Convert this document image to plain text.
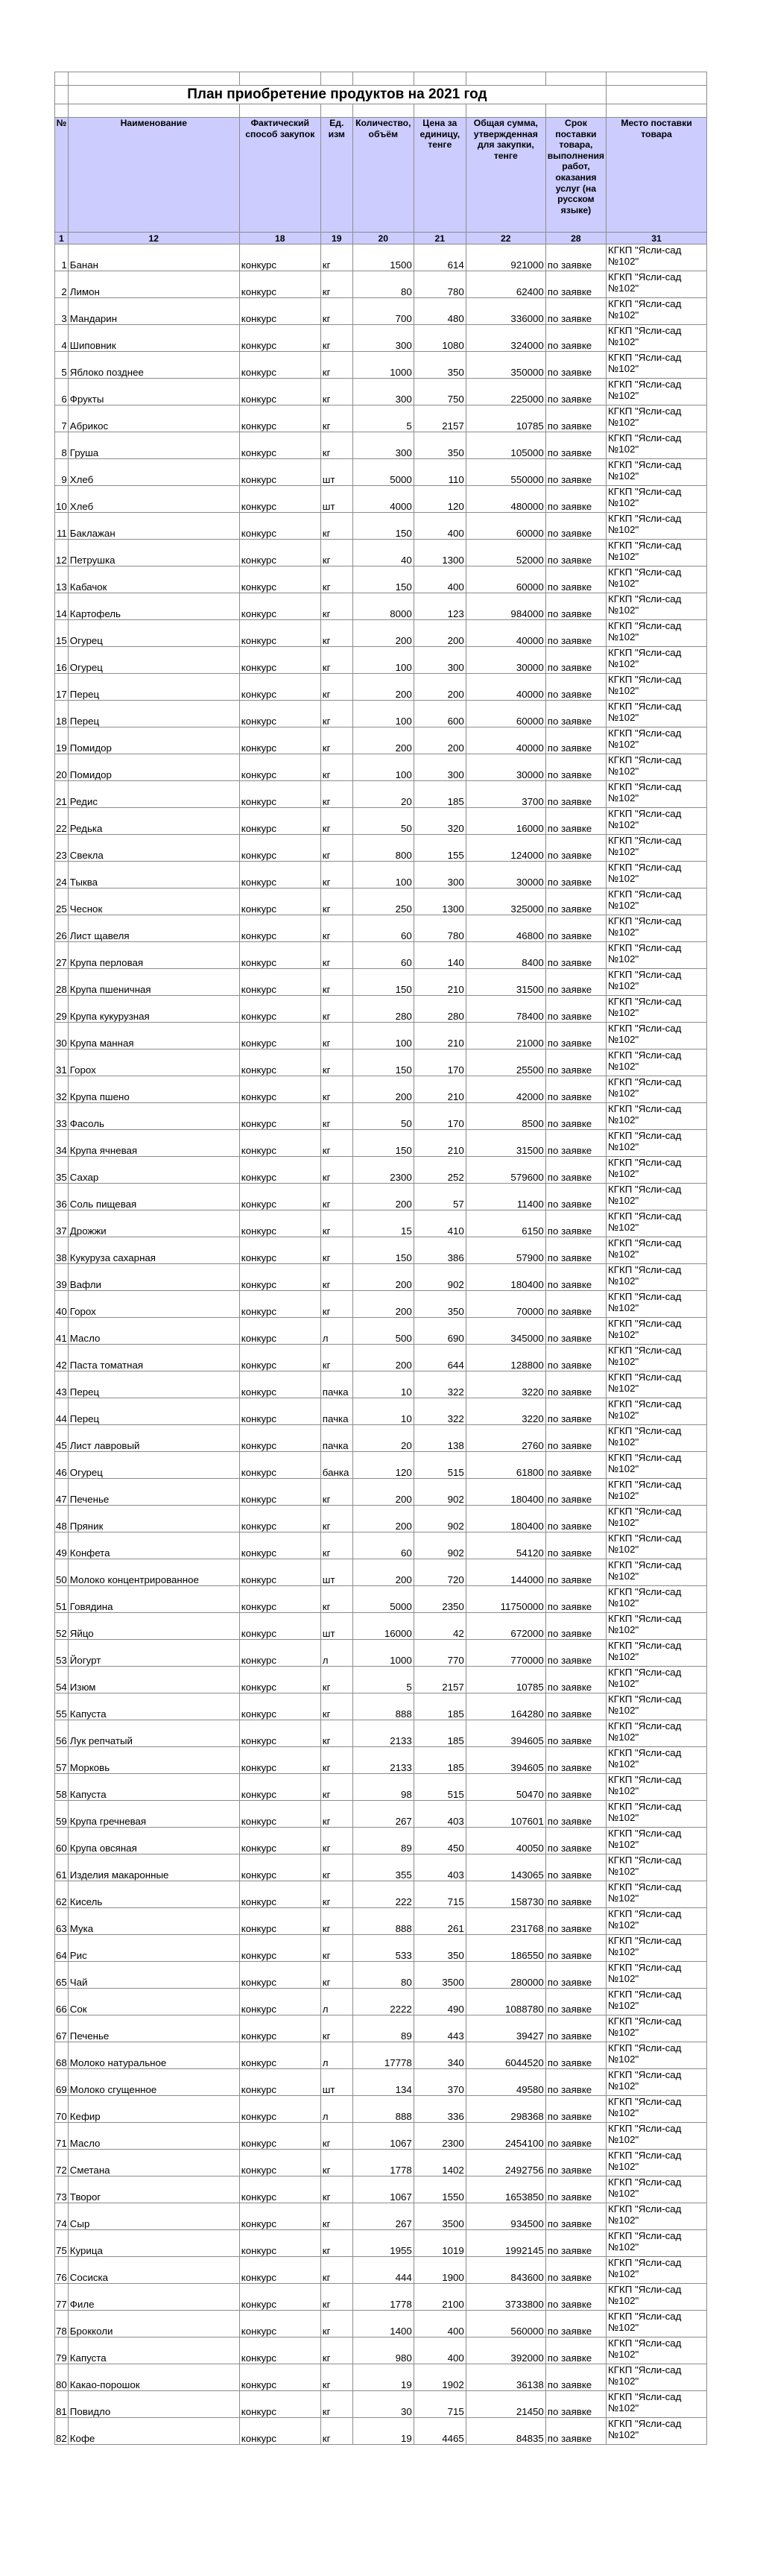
	План приобретение продуктов на 2021 год							

№	Наименование	Фактический способ закупок	Ед. изм	Количество, объём	Цена за единицу, тенге	Общая сумма, утвержденная для закупки, тенге	Срок поставки товара, выполнения работ, оказания услуг (на русском языке)	Место поставки товара
1	12	18	19	20	21	22	28	31
1	Банан	конкурс	кг	1500	614	921000	по заявке	КГКП "Ясли-сад №102"
2	Лимон	конкурс	кг	80	780	62400	по заявке	КГКП "Ясли-сад №102"
3	Мандарин	конкурс	кг	700	480	336000	по заявке	КГКП "Ясли-сад №102"
4	Шиповник	конкурс	кг	300	1080	324000	по заявке	КГКП "Ясли-сад №102"
5	Яблоко позднее	конкурс	кг	1000	350	350000	по заявке	КГКП "Ясли-сад №102"
6	Фрукты	конкурс	кг	300	750	225000	по заявке	КГКП "Ясли-сад №102"
7	Абрикос	конкурс	кг	5	2157	10785	по заявке	КГКП "Ясли-сад №102"
8	Груша	конкурс	кг	300	350	105000	по заявке	КГКП "Ясли-сад №102"
9	Хлеб	конкурс	шт	5000	110	550000	по заявке	КГКП "Ясли-сад №102"
10	Хлеб	конкурс	шт	4000	120	480000	по заявке	КГКП "Ясли-сад №102"
11	Баклажан	конкурс	кг	150	400	60000	по заявке	КГКП "Ясли-сад №102"
12	Петрушка	конкурс	кг	40	1300	52000	по заявке	КГКП "Ясли-сад №102"
13	Кабачок	конкурс	кг	150	400	60000	по заявке	КГКП "Ясли-сад №102"
14	Картофель	конкурс	кг	8000	123	984000	по заявке	КГКП "Ясли-сад №102"
15	Огурец	конкурс	кг	200	200	40000	по заявке	КГКП "Ясли-сад №102"
16	Огурец	конкурс	кг	100	300	30000	по заявке	КГКП "Ясли-сад №102"
17	Перец	конкурс	кг	200	200	40000	по заявке	КГКП "Ясли-сад №102"
18	Перец	конкурс	кг	100	600	60000	по заявке	КГКП "Ясли-сад №102"
19	Помидор	конкурс	кг	200	200	40000	по заявке	КГКП "Ясли-сад №102"
20	Помидор	конкурс	кг	100	300	30000	по заявке	КГКП "Ясли-сад №102"
21	Редис	конкурс	кг	20	185	3700	по заявке	КГКП "Ясли-сад №102"
22	Редька	конкурс	кг	50	320	16000	по заявке	КГКП "Ясли-сад №102"
23	Свекла	конкурс	кг	800	155	124000	по заявке	КГКП "Ясли-сад №102"
24	Тыква	конкурс	кг	100	300	30000	по заявке	КГКП "Ясли-сад №102"
25	Чеснок	конкурс	кг	250	1300	325000	по заявке	КГКП "Ясли-сад №102"
26	Лист щавеля	конкурс	кг	60	780	46800	по заявке	КГКП "Ясли-сад №102"
27	Крупа перловая	конкурс	кг	60	140	8400	по заявке	КГКП "Ясли-сад №102"
28	Крупа пшеничная	конкурс	кг	150	210	31500	по заявке	КГКП "Ясли-сад №102"
29	Крупа кукурузная	конкурс	кг	280	280	78400	по заявке	КГКП "Ясли-сад №102"
30	Крупа манная	конкурс	кг	100	210	21000	по заявке	КГКП "Ясли-сад №102"
31	Горох	конкурс	кг	150	170	25500	по заявке	КГКП "Ясли-сад №102"
32	Крупа пшено	конкурс	кг	200	210	42000	по заявке	КГКП "Ясли-сад №102"
33	Фасоль	конкурс	кг	50	170	8500	по заявке	КГКП "Ясли-сад №102"
34	Крупа ячневая	конкурс	кг	150	210	31500	по заявке	КГКП "Ясли-сад №102"
35	Сахар	конкурс	кг	2300	252	579600	по заявке	КГКП "Ясли-сад №102"
36	Соль пищевая	конкурс	кг	200	57	11400	по заявке	КГКП "Ясли-сад №102"
37	Дрожжи	конкурс	кг	15	410	6150	по заявке	КГКП "Ясли-сад №102"
38	Кукуруза сахарная	конкурс	кг	150	386	57900	по заявке	КГКП "Ясли-сад №102"
39	Вафли	конкурс	кг	200	902	180400	по заявке	КГКП "Ясли-сад №102"
40	Горох	конкурс	кг	200	350	70000	по заявке	КГКП "Ясли-сад №102"
41	Масло	конкурс	л	500	690	345000	по заявке	КГКП "Ясли-сад №102"
42	Паста томатная	конкурс	кг	200	644	128800	по заявке	КГКП "Ясли-сад №102"
43	Перец	конкурс	пачка	10	322	3220	по заявке	КГКП "Ясли-сад №102"
44	Перец	конкурс	пачка	10	322	3220	по заявке	КГКП "Ясли-сад №102"
45	Лист лавровый	конкурс	пачка	20	138	2760	по заявке	КГКП "Ясли-сад №102"
46	Огурец	конкурс	банка	120	515	61800	по заявке	КГКП "Ясли-сад №102"
47	Печенье	конкурс	кг	200	902	180400	по заявке	КГКП "Ясли-сад №102"
48	Пряник	конкурс	кг	200	902	180400	по заявке	КГКП "Ясли-сад №102"
49	Конфета	конкурс	кг	60	902	54120	по заявке	КГКП "Ясли-сад №102"
50	Молоко концентрированное	конкурс	шт	200	720	144000	по заявке	КГКП "Ясли-сад №102"
51	Говядина	конкурс	кг	5000	2350	11750000	по заявке	КГКП "Ясли-сад №102"
52	Яйцо	конкурс	шт	16000	42	672000	по заявке	КГКП "Ясли-сад №102"
53	Йогурт	конкурс	л	1000	770	770000	по заявке	КГКП "Ясли-сад №102"
54	Изюм	конкурс	кг	5	2157	10785	по заявке	КГКП "Ясли-сад №102"
55	Капуста	конкурс	кг	888	185	164280	по заявке	КГКП "Ясли-сад №102"
56	Лук репчатый	конкурс	кг	2133	185	394605	по заявке	КГКП "Ясли-сад №102"
57	Морковь	конкурс	кг	2133	185	394605	по заявке	КГКП "Ясли-сад №102"
58	Капуста	конкурс	кг	98	515	50470	по заявке	КГКП "Ясли-сад №102"
59	Крупа гречневая	конкурс	кг	267	403	107601	по заявке	КГКП "Ясли-сад №102"
60	Крупа овсяная	конкурс	кг	89	450	40050	по заявке	КГКП "Ясли-сад №102"
61	Изделия макаронные	конкурс	кг	355	403	143065	по заявке	КГКП "Ясли-сад №102"
62	Кисель	конкурс	кг	222	715	158730	по заявке	КГКП "Ясли-сад №102"
63	Мука	конкурс	кг	888	261	231768	по заявке	КГКП "Ясли-сад №102"
64	Рис	конкурс	кг	533	350	186550	по заявке	КГКП "Ясли-сад №102"
65	Чай	конкурс	кг	80	3500	280000	по заявке	КГКП "Ясли-сад №102"
66	Сок	конкурс	л	2222	490	1088780	по заявке	КГКП "Ясли-сад №102"
67	Печенье	конкурс	кг	89	443	39427	по заявке	КГКП "Ясли-сад №102"
68	Молоко натуральное	конкурс	л	17778	340	6044520	по заявке	КГКП "Ясли-сад №102"
69	Молоко сгущенное	конкурс	шт	134	370	49580	по заявке	КГКП "Ясли-сад №102"
70	Кефир	конкурс	л	888	336	298368	по заявке	КГКП "Ясли-сад №102"
71	Масло	конкурс	кг	1067	2300	2454100	по заявке	КГКП "Ясли-сад №102"
72	Сметана	конкурс	кг	1778	1402	2492756	по заявке	КГКП "Ясли-сад №102"
73	Творог	конкурс	кг	1067	1550	1653850	по заявке	КГКП "Ясли-сад №102"
74	Сыр	конкурс	кг	267	3500	934500	по заявке	КГКП "Ясли-сад №102"
75	Курица	конкурс	кг	1955	1019	1992145	по заявке	КГКП "Ясли-сад №102"
76	Сосиска	конкурс	кг	444	1900	843600	по заявке	КГКП "Ясли-сад №102"
77	Филе	конкурс	кг	1778	2100	3733800	по заявке	КГКП "Ясли-сад №102"
78	Брокколи	конкурс	кг	1400	400	560000	по заявке	КГКП "Ясли-сад №102"
79	Капуста	конкурс	кг	980	400	392000	по заявке	КГКП "Ясли-сад №102"
80	Какао-порошок	конкурс	кг	19	1902	36138	по заявке	КГКП "Ясли-сад №102"
81	Повидло	конкурс	кг	30	715	21450	по заявке	КГКП "Ясли-сад №102"
82	Кофе	конкурс	кг	19	4465	84835	по заявке	КГКП "Ясли-сад №102"
